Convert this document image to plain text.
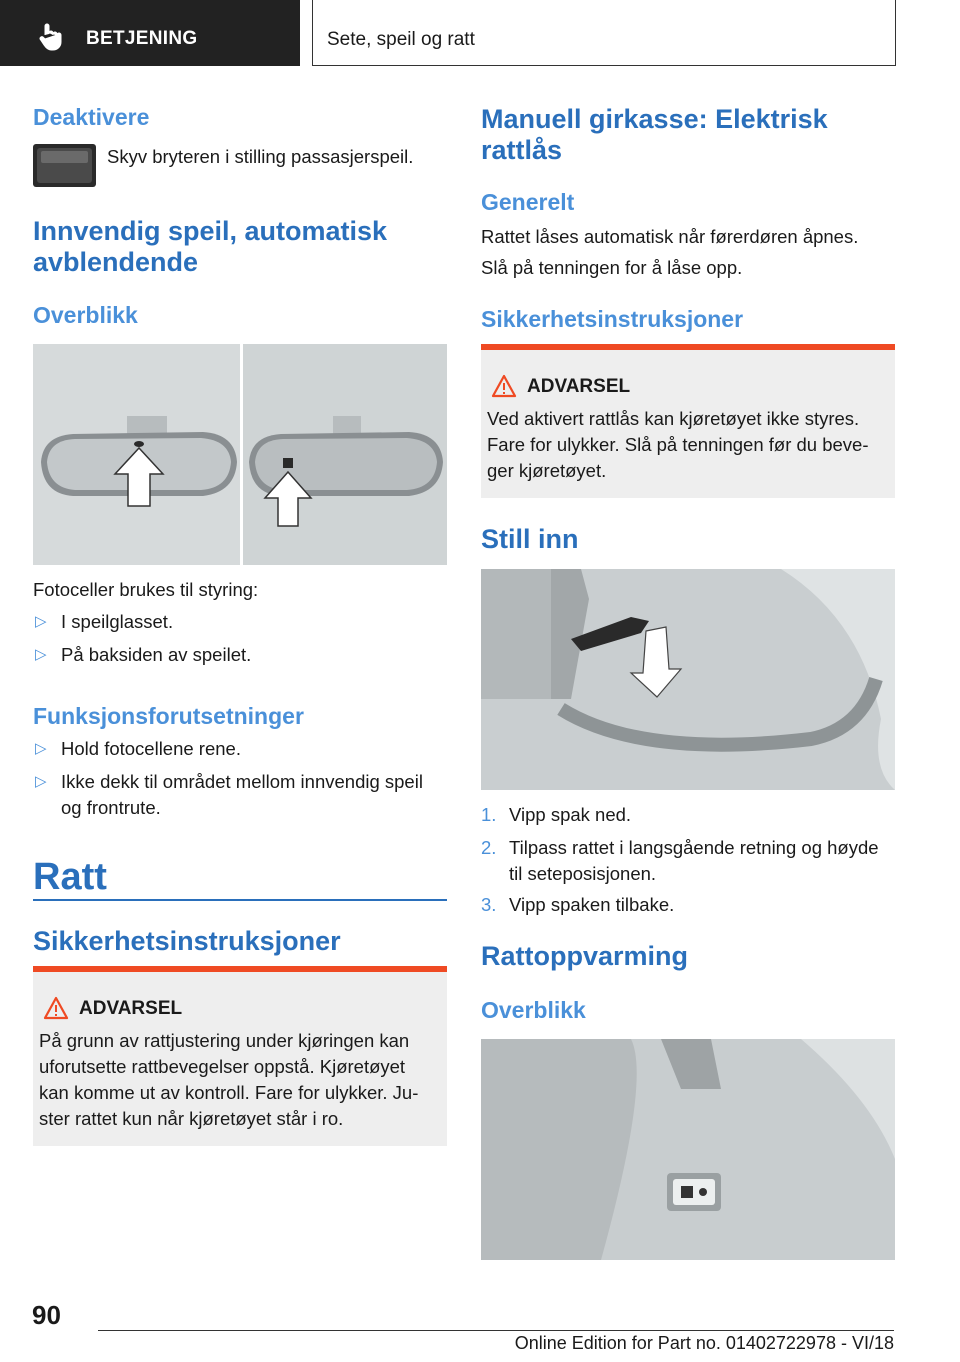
BETJENING	Sete, speil og ratt
Deaktivere
Skyv bryteren i stilling passasjerspeil.
Innvendig speil, automatisk avblendende
Overblikk
Fotoceller brukes til styring:
▷ I speilglasset.
▷ På baksiden av speilet.
Funksjonsforutsetninger
▷ Hold fotocellene rene.
▷ Ikke dekk til området mellom innvendig speil og frontrute.
Ratt
Sikkerhetsinstruksjoner
ADVARSEL
På grunn av rattjustering under kjøringen kan uforutsette rattbevegelser oppstå. Kjøretøyet kan komme ut av kontroll. Fare for ulykker. Juster rattet kun når kjøretøyet står i ro.
Manuell girkasse: Elektrisk rattlås
Generelt
Rattet låses automatisk når førerdøren åpnes.
Slå på tenningen for å låse opp.
Sikkerhetsinstruksjoner
ADVARSEL
Ved aktivert rattlås kan kjøretøyet ikke styres. Fare for ulykker. Slå på tenningen før du beveger kjøretøyet.
Still inn
1. Vipp spak ned.
2. Tilpass rattet i langsgående retning og høyde til seteposisjonen.
3. Vipp spaken tilbake.
Rattoppvarming
Overblikk
90
Online Edition for Part no. 01402722978 - VI/18
